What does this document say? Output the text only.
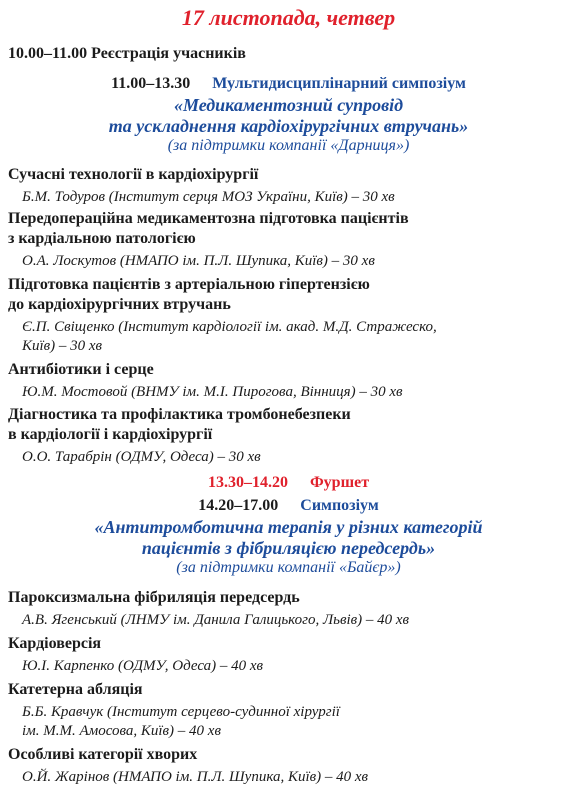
17 листопада, четвер
10.00–11.00 Реєстрація учасників
11.00–13.30 Мультидисциплінарний симпозіум
«Медикаментозний супровід
та ускладнення кардіохірургічних втручань»
(за підтримки компанії «Дарниця»)
Сучасні технології в кардіохірургії
Б.М. Тодуров (Інститут серця МОЗ України, Київ) – 30 хв
Передопераційна медикаментозна підготовка пацієнтів
з кардіальною патологією
О.А. Лоскутов (НМАПО ім. П.Л. Шупика, Київ) – 30 хв
Підготовка пацієнтів з артеріальною гіпертензією
до кардіохірургічних втручань
Є.П. Свіщенко (Інститут кардіології ім. акад. М.Д. Стражеско,
Київ) – 30 хв
Антибіотики і серце
Ю.М. Мостовой (ВНМУ ім. М.І. Пирогова, Вінниця) – 30 хв
Діагностика та профілактика тромбонебезпеки
в кардіології і кардіохірургії
О.О. Тарабрін (ОДМУ, Одеса) – 30 хв
13.30–14.20 Фуршет
14.20–17.00 Симпозіум
«Антитромботична терапія у різних категорій
пацієнтів з фібриляцією передсердь»
(за підтримки компанії «Байєр»)
Пароксизмальна фібриляція передсердь
А.В. Ягенський (ЛНМУ ім. Данила Галицького, Львів) – 40 хв
Кардіоверсія
Ю.І. Карпенко (ОДМУ, Одеса) – 40 хв
Катетерна абляція
Б.Б. Кравчук (Інститут серцево-судинної хірургії
ім. М.М. Амосова, Київ) – 40 хв
Особливі категорії хворих
О.Й. Жарінов (НМАПО ім. П.Л. Шупика, Київ) – 40 хв
